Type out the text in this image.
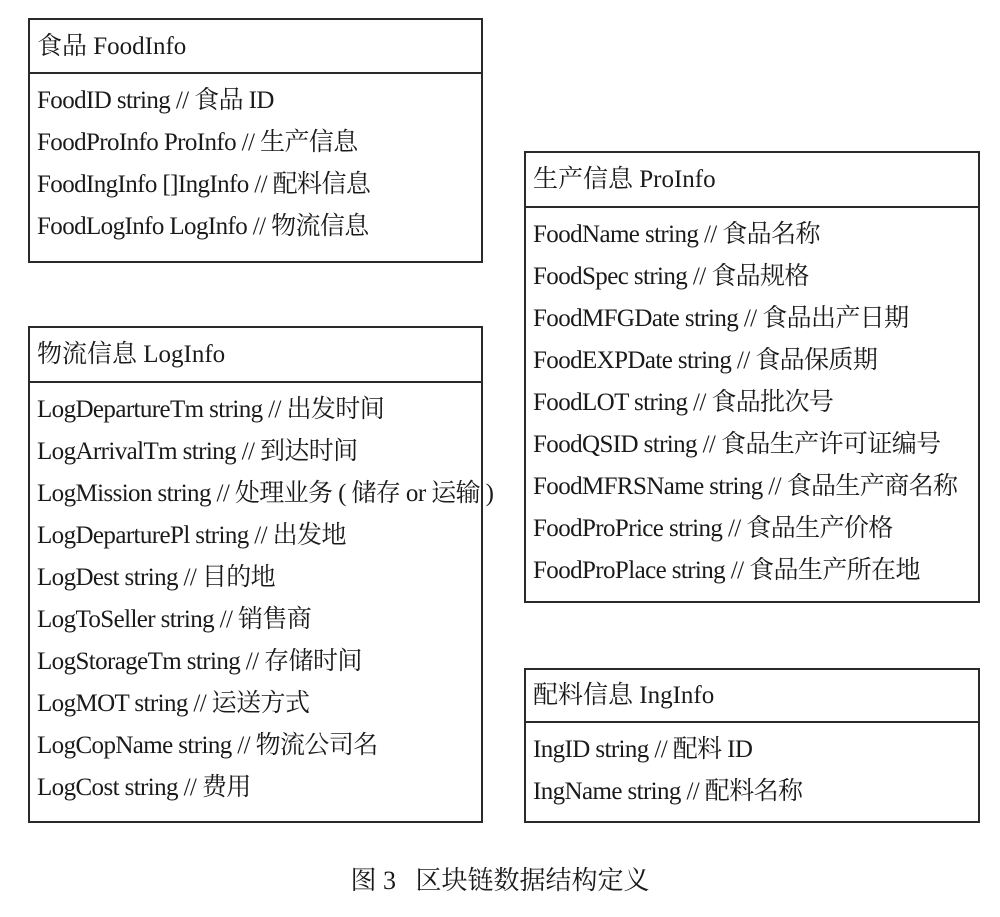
食品 FoodInfo
FoodID string // 食品 ID
FoodProInfo ProInfo // 生产信息
FoodIngInfo []IngInfo // 配料信息
FoodLogInfo LogInfo // 物流信息
物流信息 LogInfo
LogDepartureTm string // 出发时间
LogArrivalTm string // 到达时间
LogMission string // 处理业务 ( 储存 or 运输 )
LogDeparturePl string // 出发地
LogDest string // 目的地
LogToSeller string // 销售商
LogStorageTm string // 存储时间
LogMOT string // 运送方式
LogCopName string // 物流公司名
LogCost string // 费用
生产信息 ProInfo
FoodName string // 食品名称
FoodSpec string // 食品规格
FoodMFGDate string // 食品出产日期
FoodEXPDate string // 食品保质期
FoodLOT string // 食品批次号
FoodQSID string // 食品生产许可证编号
FoodMFRSName string // 食品生产商名称
FoodProPrice string // 食品生产价格
FoodProPlace string // 食品生产所在地
配料信息 IngInfo
IngID string // 配料 ID
IngName string // 配料名称
图 3   区块链数据结构定义
